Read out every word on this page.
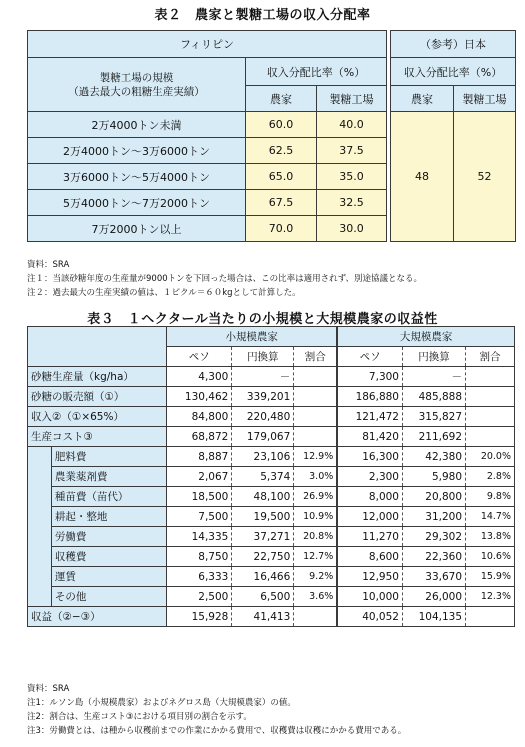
表２　農家と製糖工場の収入分配率
フィリピン				（参考）日本	

製糖工場の規模
（過去最大の粗糖生産実績）	収入分配比率（%）			収入分配比率（%）	
	農家	製糖工場		農家	製糖工場
2万4000トン未満	60.0	40.0		48	52
2万4000トン～3万6000トン	62.5	37.5			
3万6000トン～5万4000トン	65.0	35.0			
5万4000トン～7万2000トン	67.5	32.5			
7万2000トン以上	70.0	30.0			
資料：SRA
注１：当該砂糖年度の生産量が9000トンを下回った場合は、この比率は適用されず、別途協議となる。
注２：過去最大の生産実績の値は、１ピクル＝６０kgとして計算した。
表３　１ヘクタール当たりの小規模と大規模農家の収益性
		小規模農家			大規模農家		
		ペソ	円換算	割合	ペソ	円換算	割合
砂糖生産量（kg/ha）		4,300	－		7,300	－	
砂糖の販売額（①）		130,462	339,201		186,880	485,888	
収入②（①×65%）		84,800	220,480		121,472	315,827	
生産コスト③		68,872	179,067		81,420	211,692	
	肥料費	8,887	23,106	12.9%	16,300	42,380	20.0%
	農業薬剤費	2,067	5,374	3.0%	2,300	5,980	2.8%
	種苗費（苗代）	18,500	48,100	26.9%	8,000	20,800	9.8%
	耕起・整地	7,500	19,500	10.9%	12,000	31,200	14.7%
	労働費	14,335	37,271	20.8%	11,270	29,302	13.8%
	収穫費	8,750	22,750	12.7%	8,600	22,360	10.6%
	運賃	6,333	16,466	9.2%	12,950	33,670	15.9%
	その他	2,500	6,500	3.6%	10,000	26,000	12.3%
収益（②−③）		15,928	41,413		40,052	104,135	
資料：SRA
注1：ルソン島（小規模農家）およびネグロス島（大規模農家）の値。
注2：割合は、生産コスト③における項目別の割合を示す。
注3：労働費とは、は種から収穫前までの作業にかかる費用で、収穫費は収穫にかかる費用である。
